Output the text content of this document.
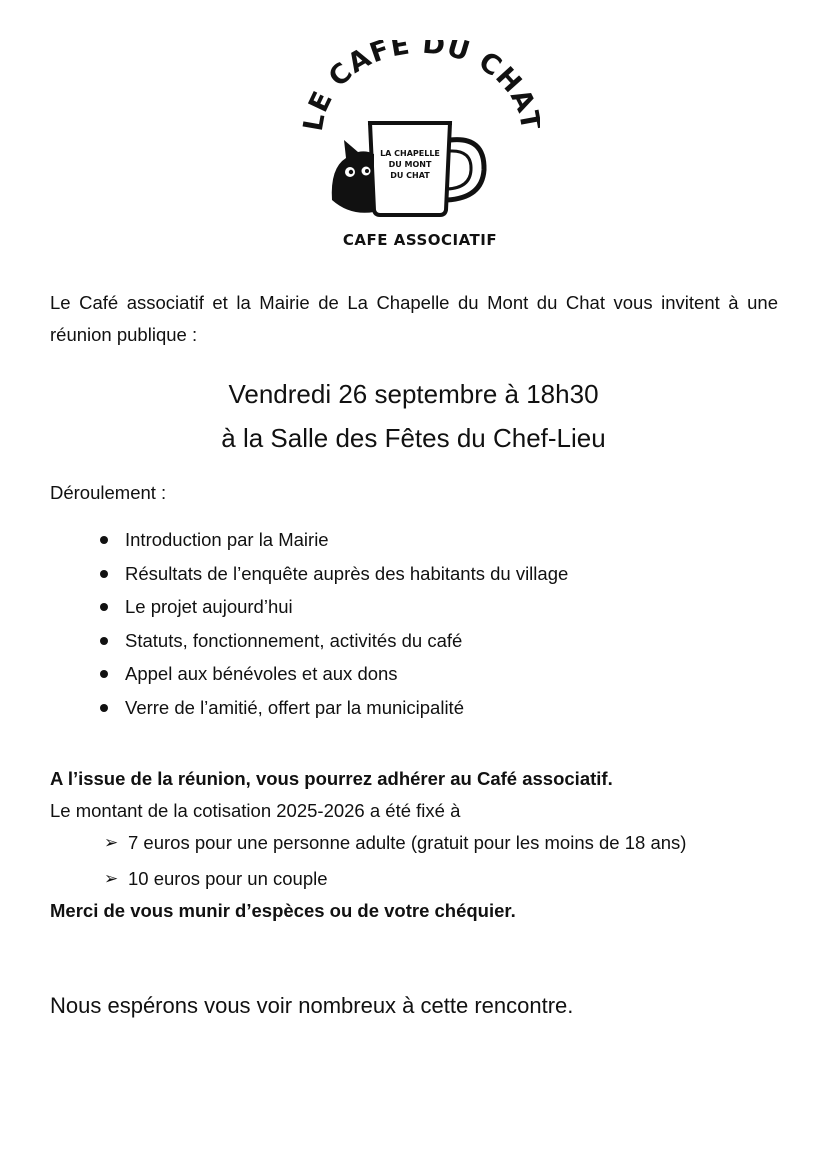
LE CAFÉ DU CHA
LA CHAPELLE
DU MONT
DU CHAT
CAFE ASSOCIATIF
Le Café associatif et la Mairie de La Chapelle du Mont du Chat vous invitent à une réunion publique :
Vendredi 26 septembre à 18h30
à la Salle des Fêtes du Chef-Lieu
Déroulement :
Introduction par la Mairie
Résultats de l’enquête auprès des habitants du village
Le projet aujourd’hui
Statuts, fonctionnement, activités du café
Appel aux bénévoles et aux dons
Verre de l’amitié, offert par la municipalité
A l’issue de la réunion, vous pourrez adhérer au Café associatif.
Le montant de la cotisation 2025-2026 a été fixé à
➢ 7 euros pour une personne adulte (gratuit pour les moins de 18 ans)
➢ 10 euros pour un couple
Merci de vous munir d’espèces ou de votre chéquier.
Nous espérons vous voir nombreux à cette rencontre.
